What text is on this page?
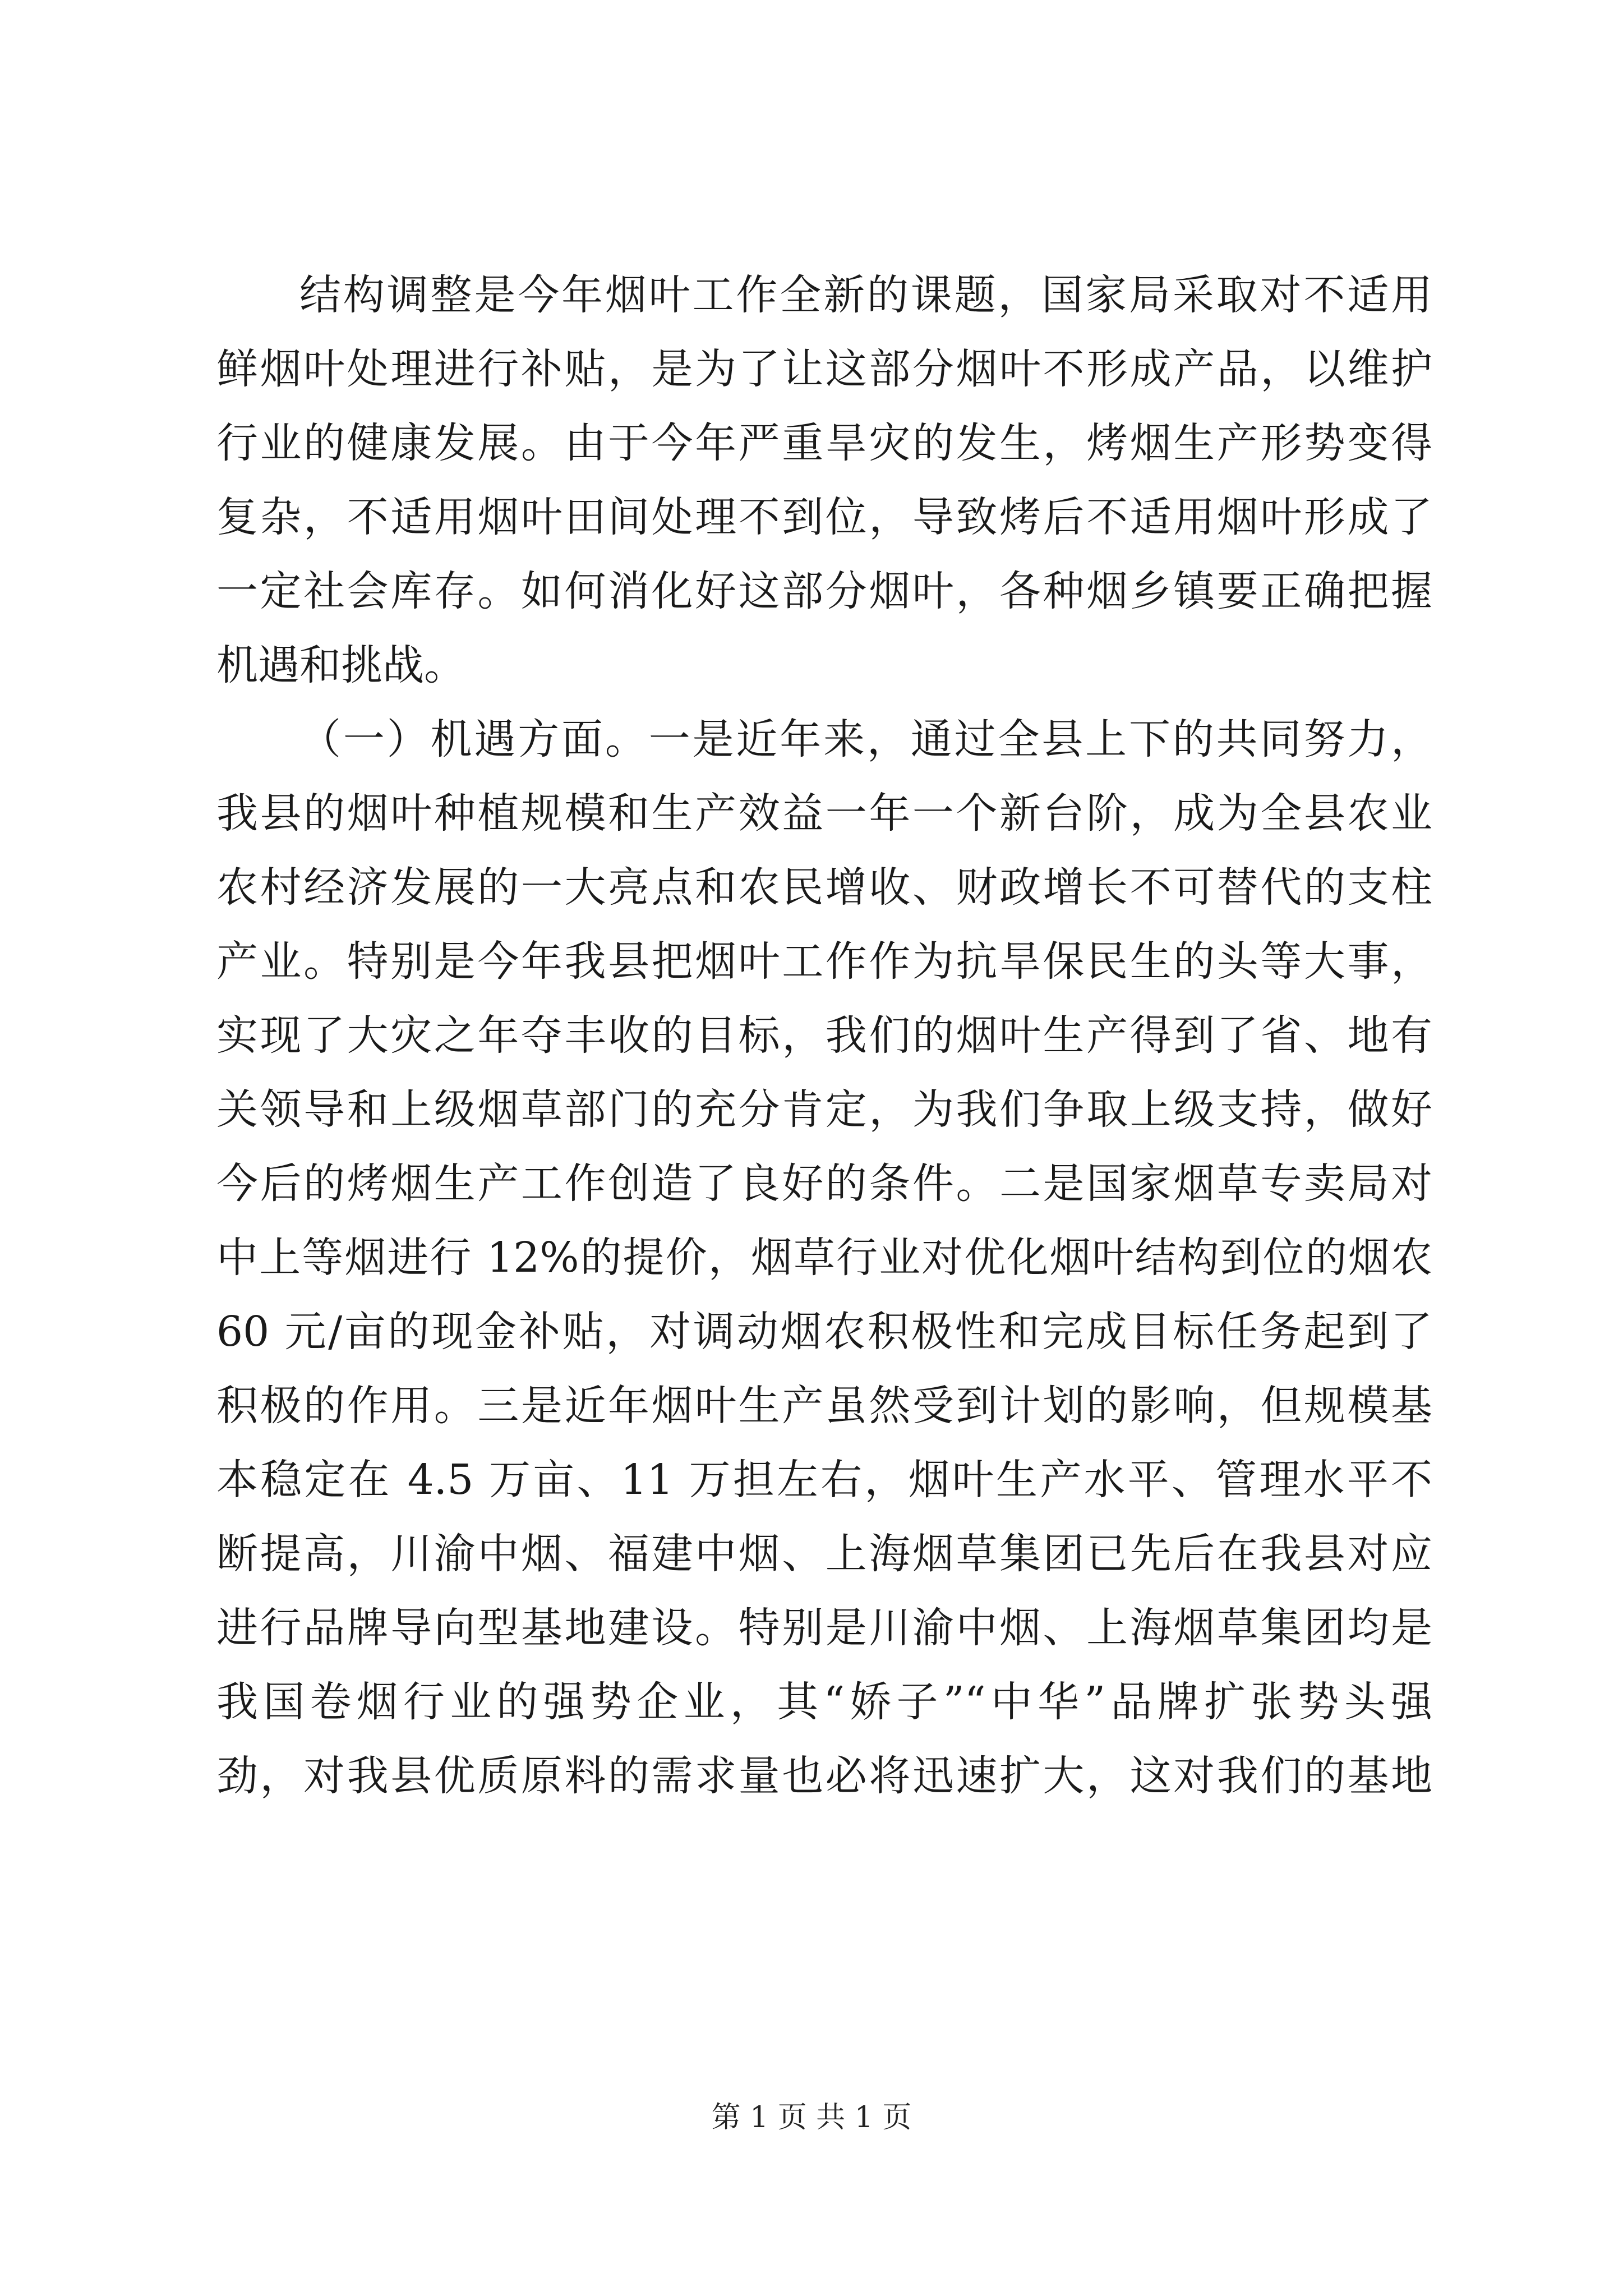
结构调整是今年烟叶工作全新的课题，国家局采取对不适用
鲜烟叶处理进行补贴，是为了让这部分烟叶不形成产品，以维护
行业的健康发展。由于今年严重旱灾的发生，烤烟生产形势变得
复杂，不适用烟叶田间处理不到位，导致烤后不适用烟叶形成了
一定社会库存。如何消化好这部分烟叶，各种烟乡镇要正确把握
机遇和挑战。
（一）机遇方面。一是近年来，通过全县上下的共同努力，
我县的烟叶种植规模和生产效益一年一个新台阶，成为全县农业
农村经济发展的一大亮点和农民增收、财政增长不可替代的支柱
产业。特别是今年我县把烟叶工作作为抗旱保民生的头等大事，
实现了大灾之年夺丰收的目标，我们的烟叶生产得到了省、地有
关领导和上级烟草部门的充分肯定，为我们争取上级支持，做好
今后的烤烟生产工作创造了良好的条件。二是国家烟草专卖局对
中上等烟进行 12%的提价，烟草行业对优化烟叶结构到位的烟农
60 元/亩的现金补贴，对调动烟农积极性和完成目标任务起到了
积极的作用。三是近年烟叶生产虽然受到计划的影响，但规模基
本稳定在 4.5 万亩、11 万担左右，烟叶生产水平、管理水平不
断提高，川渝中烟、福建中烟、上海烟草集团已先后在我县对应
进行品牌导向型基地建设。特别是川渝中烟、上海烟草集团均是
我国卷烟行业的强势企业，其“娇子”“中华”品牌扩张势头强
劲，对我县优质原料的需求量也必将迅速扩大，这对我们的基地
第 1 页 共 1 页
